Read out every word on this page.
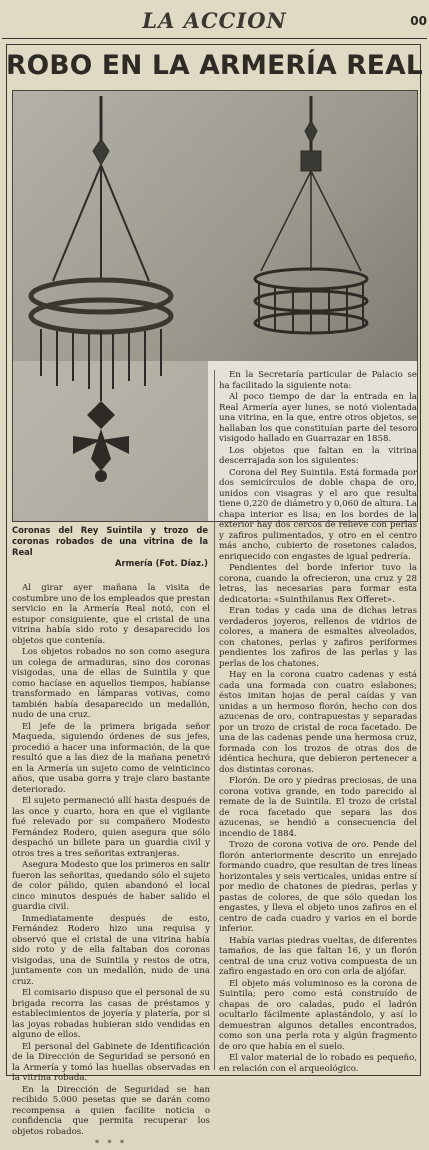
LA ACCION	00
ROBO EN LA ARMERÍA REAL
Coronas del Rey Suintila y trozo de coronas robados de una vitrina de la Real
Armería (Fot. Díaz.)

Al girar ayer mañana la visita de costumbre uno de los empleados que prestan servicio en la Armería Real notó, con el estupor consiguiente, que el cristal de una vitrina había sido roto y desaparecido los objetos que contenía.

Los objetos robados no son como asegura un colega de armaduras, sino dos coronas visigodas, una de ellas de Suintila y que como hacíase en aquellos tiempos, habíanse transformado en lámparas votivas, como también había desaparecido un medallón, nudo de una cruz.

El jefe de la primera brigada señor Maqueda, siguiendo órdenes de sus jefes, procedió a hacer una información, de la que resultó que a las diez de la mañana penetró en la Armería un sujeto como de veinticinco años, que usaba gorra y traje claro bastante deteriorado.

El sujeto permaneció allí hasta después de las once y cuarto, hora en que el vigilante fué relevado por su compañero Modesto Fernández Rodero, quien asegura que sólo despachó un billete para un guardia civil y otros tres a tres señoritas extranjeras.

Asegura Modesto que los primeros en salir fueron las señoritas, quedando sólo el sujeto de color pálido, quien abandonó el local cinco minutos después de haber salido el guardia civil.

Inmediatamente después de esto, Fernández Rodero hizo una requisa y observó que el cristal de una vitrina había sido roto y de ella faltaban dos coronas visigodas, una de Suintila y restos de otra, juntamente con un medallón, nudo de una cruz.

El comisario dispuso que el personal de su brigada recorra las casas de préstamos y establecimientos de joyería y platería, por si las joyas robadas hubieran sido vendidas en alguno de ellos.

El personal del Gabinete de Identificación de la Dirección de Seguridad se personó en la Armería y tomó las huellas observadas en la vitrina robada.

En la Dirección de Seguridad se han recibido 5.000 pesetas que se darán como recompensa a quien facilite noticia o confidencia que permita recuperar los objetos robados.

* * *

En la Secretaría particular de Palacio se ha facilitado la siguiente nota:

Al poco tiempo de dar la entrada en la Real Armería ayer lunes, se notó violentada una vitrina, en la que, entre otros objetos, se hallaban los que constituían parte del tesoro visigodo hallado en Guarrazar en 1858.

Los objetos que faltan en la vitrina descerrajada son los siguientes:

Corona del Rey Suintila. Está formada por dos semicírculos de doble chapa de oro, unidos con visagras y el aro que resulta tiene 0,220 de diámetro y 0,060 de altura. La chapa interior es lisa; en los bordes de la exterior hay dos cercos de relieve con perlas y zafiros pulimentados, y otro en el centro más ancho, cubierto de rosetones calados, enriquecido con engastes de igual pedrería.

Pendientes del borde inferior tuvo la corona, cuando la ofrecieron, una cruz y 28 letras, las necesarias para formar esta dedicatoria: «Suinthilanus Rex Offeret».

Eran todas y cada una de dichas letras verdaderos joyeros, rellenos de vidrios de colores, a manera de esmaltes alveolados, con chatones, perlas y zafiros periformes pendientes los zafiros de las perlas y las perlas de los chatones.

Hay en la corona cuatro cadenas y está cada una formada con cuatro eslabones; éstos imitan hojas de peral caídas y van unidas a un hermoso florón, hecho con dos azucenas de oro, contrapuestas y separadas por un trozo de cristal de roca facetado. De una de las cadenas pende una hermosa cruz, formada con los trozos de otras dos de idéntica hechura, que debieron pertenecer a dos distintas coronas.

Florón. De oro y piedras preciosas, de una corona votiva grande, en todo parecido al remate de la de Suintila. El trozo de cristal de roca facetado que separa las dos azucenas, se hendió a consecuencia del incendio de 1884.

Trozo de corona votiva de oro. Pende del florón anteriormente descrito un enrejado formando cuadro, que resultan de tres líneas horizontales y seis verticales, unidas entre sí por medio de chatones de piedras, perlas y pastas de colores, de que sólo quedan los engastes, y lleva el objeto unos zafiros en el centro de cada cuadro y varios en el borde inferior.

Había varias piedras vueltas, de diferentes tamaños, de las que faltan 16, y un florón central de una cruz votiva compuesta de un zafiro engastado en oro con orla de aljófar.

El objeto más voluminoso es la corona de Suintila; pero como está construído de chapas de oro caladas, pudo el ladrón ocultarlo fácilmente aplastándolo, y así lo demuestran algunos detalles encontrados, como son una perla rota y algún fragmento de oro que había en el suelo.

El valor material de lo robado es pequeño, en relación con el arqueológico.
